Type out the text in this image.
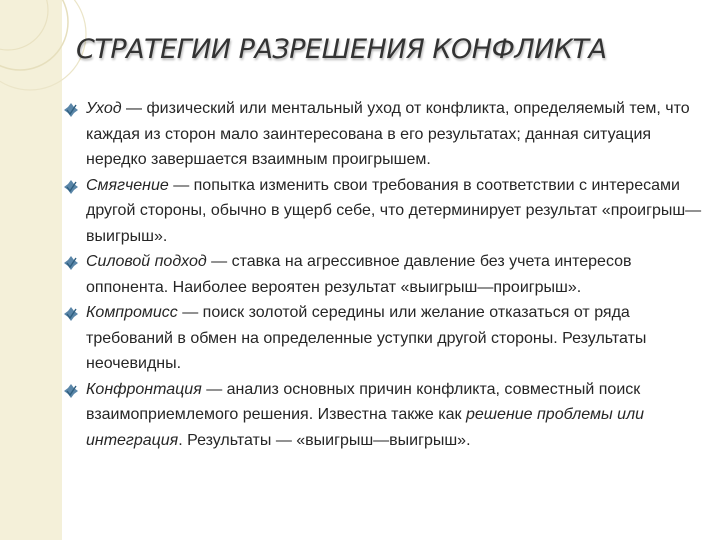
СТРАТЕГИИ РАЗРЕШЕНИЯ КОНФЛИКТА
Уход — физический или ментальный уход от конфликта, определяемый тем, что каждая из сторон мало заинтересована в его результатах; данная ситуация нередко завершается взаимным проигрышем.
Смягчение — попытка изменить свои требования в соответствии с интересами другой стороны, обычно в ущерб себе, что детерминирует результат «проигрыш—выигрыш».
Силовой подход — ставка на агрессивное давление без учета интересов оппонента. Наиболее вероятен результат «выигрыш—проигрыш».
Компромисс — поиск золотой середины или желание отказаться от ряда требований в обмен на определенные уступки другой стороны. Результаты неочевидны.
Конфронтация — анализ основных причин конфликта, совместный поиск взаимоприемлемого решения. Известна также как решение проблемы или интеграция. Результаты — «выигрыш—выигрыш».
